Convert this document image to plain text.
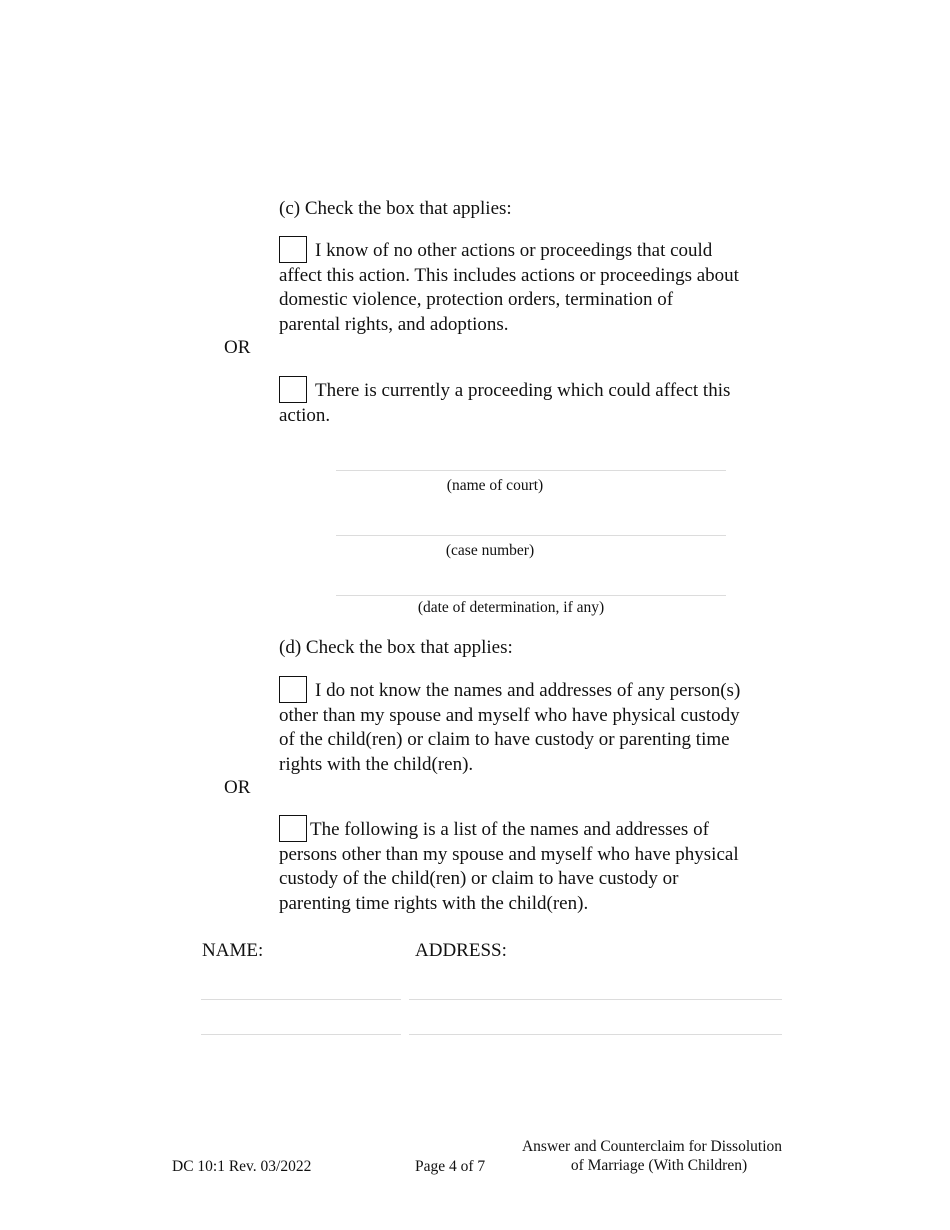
(c) Check the box that applies:
I know of no other actions or proceedings that could affect this action. This includes actions or proceedings about domestic violence, protection orders, termination of parental rights, and adoptions.
OR
There is currently a proceeding which could affect this action.
(name of court)
(case number)
(date of determination, if any)
(d) Check the box that applies:
I do not know the names and addresses of any person(s) other than my spouse and myself who have physical custody of the child(ren) or claim to have custody or parenting time rights with the child(ren).
OR
The following is a list of the names and addresses of persons other than my spouse and myself who have physical custody of the child(ren) or claim to have custody or parenting time rights with the child(ren).
NAME:	ADDRESS:
DC 10:1 Rev. 03/2022	Page 4 of 7
Answer and Counterclaim for Dissolution
of Marriage (With Children)
